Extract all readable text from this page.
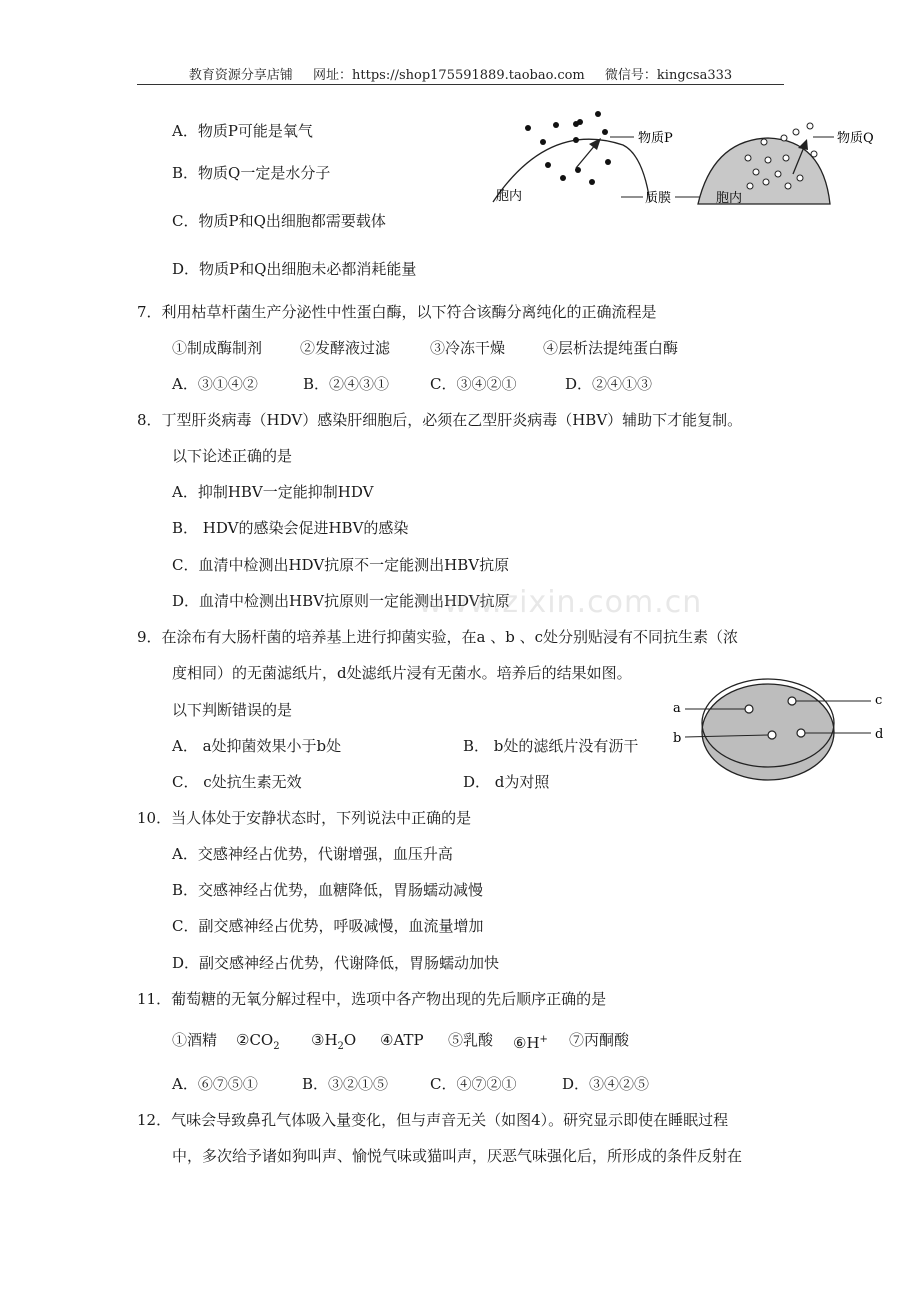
教育资源分享店铺 网址：https://shop175591889.taobao.com 微信号：kingcsa333
A．物质P可能是氧气
B．物质Q一定是水分子
C．物质P和Q出细胞都需要载体
D．物质P和Q出细胞未必都消耗能量
物质P
胞内	质膜
物质Q
胞内
7．利用枯草杆菌生产分泌性中性蛋白酶，以下符合该酶分离纯化的正确流程是
①制成酶制剂	②发酵液过滤	③冷冻干燥	④层析法提纯蛋白酶
A．③①④②	B．②④③①	C．③④②①	D．②④①③
8．丁型肝炎病毒（HDV）感染肝细胞后，必须在乙型肝炎病毒（HBV）辅助下才能复制。
以下论述正确的是
A．抑制HBV一定能抑制HDV
B． HDV的感染会促进HBV的感染
C．血清中检测出HDV抗原不一定能测出HBV抗原
D．血清中检测出HBV抗原则一定能测出HDV抗原
www.zixin.com.cn
9．在涂布有大肠杆菌的培养基上进行抑菌实验，在a 、b 、c处分别贴浸有不同抗生素（浓
度相同）的无菌滤纸片，d处滤纸片浸有无菌水。培养后的结果如图。
以下判断错误的是
A． a处抑菌效果小于b处	B． b处的滤纸片没有沥干
C． c处抗生素无效	D． d为对照
a
b
c
d
10．当人体处于安静状态时，下列说法中正确的是
A．交感神经占优势，代谢增强，血压升高
B．交感神经占优势，血糖降低，胃肠蠕动减慢
C．副交感神经占优势，呼吸减慢，血流量增加
D．副交感神经占优势，代谢降低，胃肠蠕动加快
11．葡萄糖的无氧分解过程中，选项中各产物出现的先后顺序正确的是
①酒精 $②CO_2$ $③H_2O$ ④ATP ⑤乳酸 ⑥H+ ⑦丙酮酸
A．⑥⑦⑤①	B．③②①⑤	C．④⑦②①	D．③④②⑤
12．气味会导致鼻孔气体吸入量变化，但与声音无关（如图4）。研究显示即使在睡眠过程
中，多次给予诸如狗叫声、愉悦气味或猫叫声，厌恶气味强化后，所形成的条件反射在
